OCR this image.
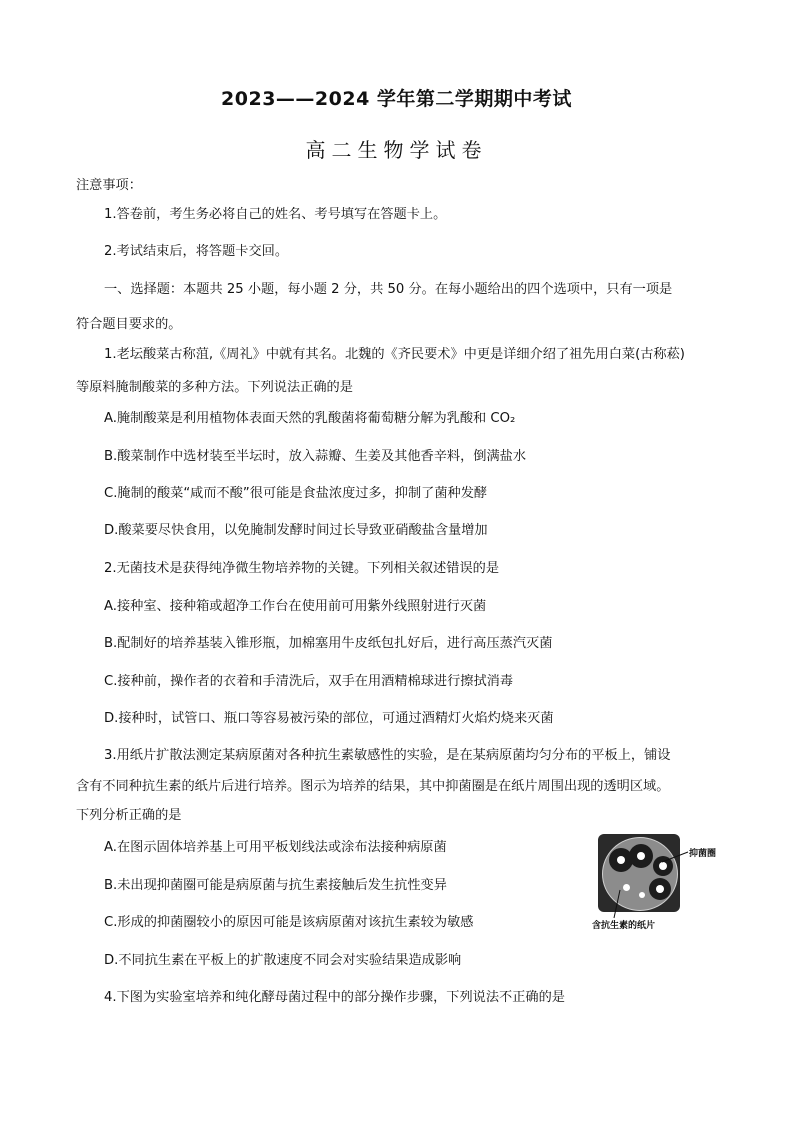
2023——2024 学年第二学期期中考试
高二生物学试卷
注意事项：
1.答卷前，考生务必将自己的姓名、考号填写在答题卡上。
2.考试结束后，将答题卡交回。
一、选择题：本题共 25 小题，每小题 2 分，共 50 分。在每小题给出的四个选项中，只有一项是
符合题目要求的。
1.老坛酸菜古称菹,《周礼》中就有其名。北魏的《齐民要术》中更是详细介绍了祖先用白菜(古称菘)
等原料腌制酸菜的多种方法。下列说法正确的是
A.腌制酸菜是利用植物体表面天然的乳酸菌将葡萄糖分解为乳酸和 CO₂
B.酸菜制作中选材装至半坛时，放入蒜瓣、生姜及其他香辛料，倒满盐水
C.腌制的酸菜“咸而不酸”很可能是食盐浓度过多，抑制了菌种发酵
D.酸菜要尽快食用，以免腌制发酵时间过长导致亚硝酸盐含量增加
2.无菌技术是获得纯净微生物培养物的关键。下列相关叙述错误的是
A.接种室、接种箱或超净工作台在使用前可用紫外线照射进行灭菌
B.配制好的培养基装入锥形瓶，加棉塞用牛皮纸包扎好后，进行高压蒸汽灭菌
C.接种前，操作者的衣着和手清洗后，双手在用酒精棉球进行擦拭消毒
D.接种时，试管口、瓶口等容易被污染的部位，可通过酒精灯火焰灼烧来灭菌
3.用纸片扩散法测定某病原菌对各种抗生素敏感性的实验，是在某病原菌均匀分布的平板上，铺设
含有不同种抗生素的纸片后进行培养。图示为培养的结果，其中抑菌圈是在纸片周围出现的透明区域。
下列分析正确的是
A.在图示固体培养基上可用平板划线法或涂布法接种病原菌
B.未出现抑菌圈可能是病原菌与抗生素接触后发生抗性变异
C.形成的抑菌圈较小的原因可能是该病原菌对该抗生素较为敏感
D.不同抗生素在平板上的扩散速度不同会对实验结果造成影响
抑菌圈
含抗生素的纸片
4.下图为实验室培养和纯化酵母菌过程中的部分操作步骤，下列说法不正确的是
